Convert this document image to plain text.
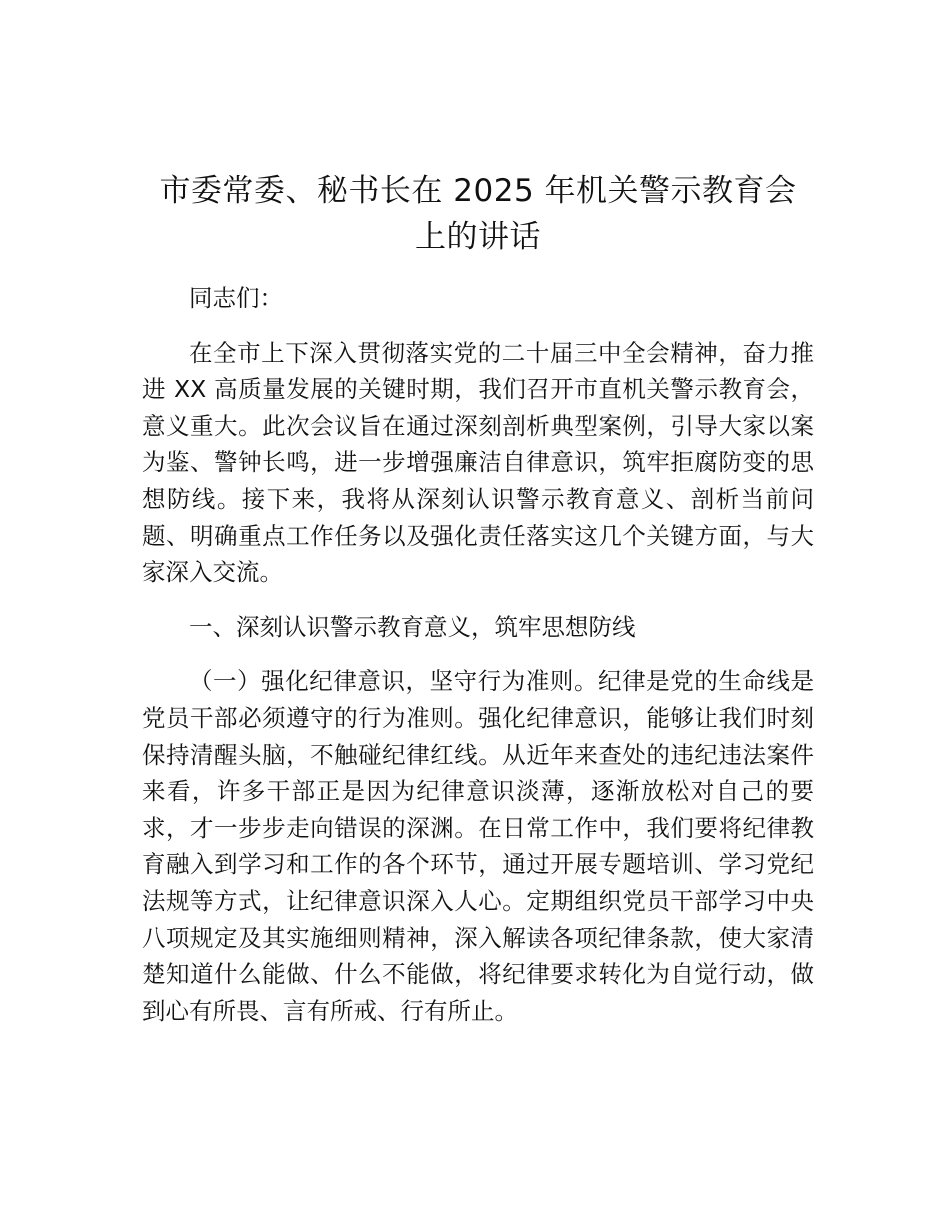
市委常委、秘书长在 2025 年机关警示教育会
上的讲话

同志们：

在全市上下深入贯彻落实党的二十届三中全会精神，奋力推进 XX 高质量发展的关键时期，我们召开市直机关警示教育会，意义重大。此次会议旨在通过深刻剖析典型案例，引导大家以案为鉴、警钟长鸣，进一步增强廉洁自律意识，筑牢拒腐防变的思想防线。接下来，我将从深刻认识警示教育意义、剖析当前问题、明确重点工作任务以及强化责任落实这几个关键方面，与大家深入交流。

一、深刻认识警示教育意义，筑牢思想防线

（一）强化纪律意识，坚守行为准则。纪律是党的生命线是党员干部必须遵守的行为准则。强化纪律意识，能够让我们时刻保持清醒头脑，不触碰纪律红线。从近年来查处的违纪违法案件来看，许多干部正是因为纪律意识淡薄，逐渐放松对自己的要求，才一步步走向错误的深渊。在日常工作中，我们要将纪律教育融入到学习和工作的各个环节，通过开展专题培训、学习党纪法规等方式，让纪律意识深入人心。定期组织党员干部学习中央八项规定及其实施细则精神，深入解读各项纪律条款，使大家清楚知道什么能做、什么不能做，将纪律要求转化为自觉行动，做到心有所畏、言有所戒、行有所止。
